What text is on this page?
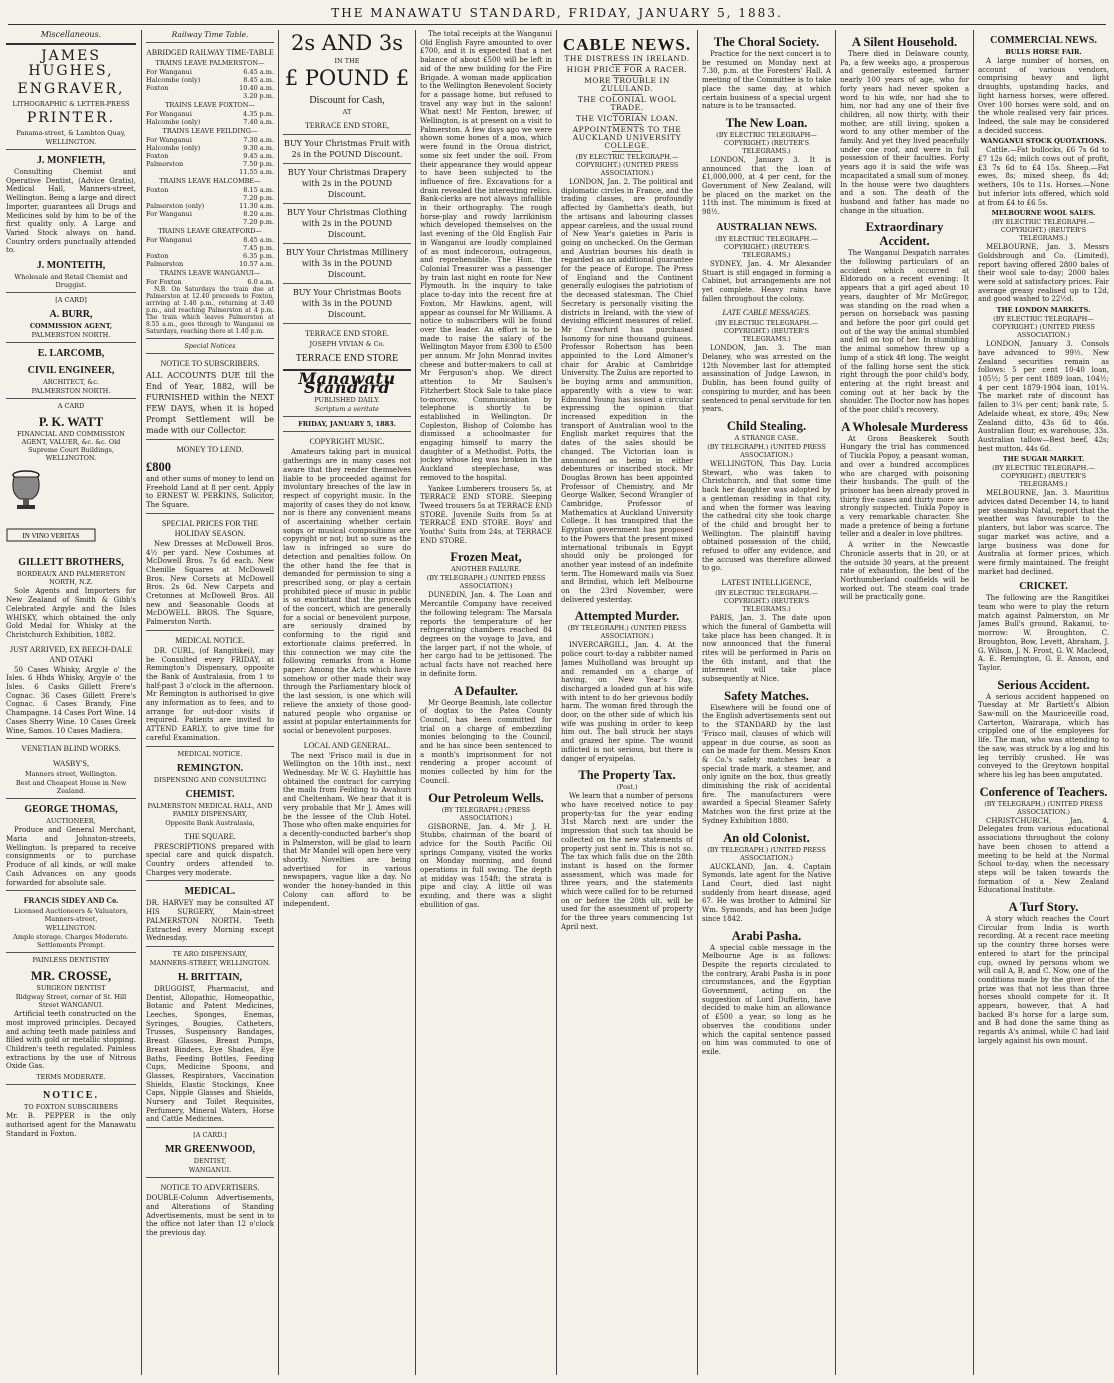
THE MANAWATU STANDARD, FRIDAY, JANUARY 5, 1883.
Miscellaneous.
JAMES HUGHES,
ENGRAVER,
LITHOGRAPHIC & LETTER-PRESS
PRINTER.
Panama-street, & Lambton Quay,
WELLINGTON.
J. MONFIETH,

Consulting Chemist and Operative Dentist, (Advice Gratis), Medical Hall, Manners-street, Wellington. Being a large and direct Importer, guarantees all Drugs and Medicines sold by him to be of the first quality only. A Large and Varied Stock always on hand. Country orders punctually attended to.

J. MONTEITH,
Wholesale and Retail Chemist and Druggist.
[A CARD]
A. BURR,
COMMISSION AGENT,
PALMERSTON NORTH.
E. LARCOMB,
CIVIL ENGINEER,
ARCHITECT, &c.
PALMERSTON NORTH.
A CARD
P. K. WATT
FINANCIAL AND COMMISSION AGENT, VALUER, &c. &c. Old Supreme Court Buildings, WELLINGTON.

IN VINO VERITAS
GILLETT BROTHERS,
BORDEAUX AND PALMERSTON NORTH, N.Z.

Sole Agents and Importers for New Zealand of Smith & Gibb's Celebrated Argyle and the Isles WHISKY, which obtained the only Gold Medal for Whisky at the Christchurch Exhibition, 1882.

JUST ARRIVED, EX BEECH-DALE AND OTAKI

50 Cases Whisky, Argyle o' the Isles. 6 Hhds Whisky, Argyle o' the Isles. 6 Casks Gillett Frere's Cognac. 36 Cases Gillett Frere's Cognac. 6 Cases Brandy, Fine Champagne. 14 Cases Port Wine. 14 Cases Sherry Wine. 10 Cases Greek Wine, Samos. 10 Cases Madiera.

VENETIAN BLIND WORKS.
WASBY'S,
Manners street, Wellington.
Best and Cheapest House in New Zealand.
GEORGE THOMAS,
AUCTIONEER,

Produce and General Merchant, Maria and Johnston-streets, Wellington. Is prepared to receive consignments or to purchase Produce of all kinds, or will make Cash Advances on any goods forwarded for absolute sale.

FRANCIS SIDEY AND Co.
Licensed Auctioneers & Valuators, Manners-street,
WELLINGTON.
Ample storage. Charges Moderate. Settlements Prompt.
PAINLESS DENTISTRY
MR. CROSSE,
SURGEON DENTIST
Ridgway Street, corner of St. Hill Street WANGANUI.

Artificial teeth constructed on the most improved principles. Decayed and aching teeth made painless and filled with gold or metallic stopping. Children's teeth regulated. Painless extractions by the use of Nitrous Oxide Gas.

TERMS MODERATE.
NOTICE.
TO FOXTON SUBSCRIBERS

Mr. B. PEPPER is the only authorised agent for the Manawatu Standard in Foxton.

Railway Time Table.
ABRIDGED RAILWAY TIME-TABLE
TRAINS LEAVE PALMERSTON—
For Wanganui	6.45 a.m.
Halcombe (only)	8.45 a.m.
Foxton	10.40 a.m.
3.20 p.m.
TRAINS LEAVE FOXTON—
For Wanganui	4.35 p.m.
Halcombe (only)	7.40 a.m.
TRAINS LEAVE FEILDING—
For Wanganui	7.30 a.m.
Halcombe (only)	9.30 a.m.
Foxton	9.45 a.m.
Palmerston	7.50 p.m.
11.55 a.m.
TRAINS LEAVE HALCOMBE—
Foxton	8.15 a.m.
7.20 p.m.
Palmerston (only)	11.30 a.m.
For Wanganui	8.20 a.m.
7.20 p.m.
TRAINS LEAVE GREATFORD—
For Wanganui	8.45 a.m.
7.45 p.m.
Foxton	6.35 p.m.
Palmerston	10.57 a.m.
TRAINS LEAVE WANGANUI—
For Foxton	6.0 a.m.

N.B. On Saturdays the train due at Palmerston at 12.40 proceeds to Foxton, arriving at 1.40 p.m., returning at 3.40 p.m., and reaching Palmerston at 4 p.m. The train which leaves Palmerston at 8.55 a.m., goes through to Wanganui on Saturdays, reaching there at 1.40 p.m.

Special Notices
NOTICE TO SUBSCRIBERS.

ALL ACCOUNTS DUE till the End of Year, 1882, will be FURNISHED within the NEXT FEW DAYS, when it is hoped Prompt Settlement will be made with our Collector.

MONEY TO LEND.
£800

and other sums of money to lend on Freehold Land at 8 per cent. Apply to ERNEST W. PERKINS, Solicitor, The Square.

SPECIAL PRICES FOR THE HOLIDAY SEASON.

New Dresses at McDowell Bros. 4½ per yard. New Costumes at McDowell Bros. 7s 6d each. New Chenille Squares at McDowell Bros. New Corsets at McDowell Bros. 2s 6d. New Carpets and Cretonnes at McDowell Bros. All new and Seasonable Goods at McDOWELL BROS. The Square, Palmerston North.

MEDICAL NOTICE.

DR. CURL, (of Rangitikei), may be Consulted every FRIDAY, at Remington's Dispensary, opposite the Bank of Australasia, from 1 to half-past 3 o'clock in the afternoon. Mr Remington is authorised to give any information as to fees, and to arrange for out-door visits if required. Patients are invited to ATTEND EARLY, to give time for careful Examination.

MEDICAL NOTICE.
REMINGTON.
DISPENSING AND CONSULTING
CHEMIST.
PALMERSTON MEDICAL HALL, AND FAMILY DISPENSARY,
Opposite Bank Australasia,
THE SQUARE.

PRESCRIPTIONS prepared with special care and quick dispatch. Country orders attended to. Charges very moderate.

MEDICAL.

DR. HARVEY may be consulted AT HIS SURGERY, Main-street PALMERSTON NORTH. Teeth Extracted every Morning except Wednesday.

TE ARO DISPENSARY,
MANNERS-STREET, WELLINGTON.
H. BRITTAIN,

DRUGGIST, Pharmacist, and Dentist, Allopathic, Homeopathic, Botanic and Patent Medicines, Leeches, Sponges, Enemas, Syringes, Bougies, Catheters, Trusses, Suspensory Bandages, Breast Glasses, Breast Pumps, Breast Binders, Eye Shades, Eye Baths, Feeding Bottles, Feeding Cups, Medicine Spoons, and Glasses, Respirators, Vaccination Shields, Elastic Stockings, Knee Caps, Nipple Glasses and Shields, Nursery and Toilet Requisites, Perfumery, Mineral Waters, Horse and Cattle Medicines.

[A CARD.]
MR GREENWOOD,
DENTIST,
WANGANUI.
NOTICE TO ADVERTISERS.

DOUBLE-Column Advertisements, and Alterations of Standing Advertisements, must be sent in to the office not later than 12 o'clock the previous day.

2s AND 3s
IN THE
£ POUND £
Discount for Cash,
AT
TERRACE END STORE,
BUY Your Christmas Fruit with 2s in the POUND Discount.
BUY Your Christmas Drapery with 2s in the POUND Discount.
BUY Your Christmas Clothing with 2s in the POUND Discount.
BUY Your Christmas Millinery with 3s in the POUND Discount.
BUY Your Christmas Boots with 3s in the POUND Discount.
TERRACE END STORE.
JOSEPH VIVIAN & Co.
TERRACE END STORE
Manawatu Standard
PUBLISHED DAILY.
Scriptum a veritate
FRIDAY, JANUARY 5, 1883.
COPYRIGHT MUSIC.

Amateurs taking part in musical gatherings are in many cases not aware that they render themselves liable to be proceeded against for involuntary breaches of the law in respect of copyright music. In the majority of cases they do not know, nor is there any convenient means of ascertaining whether certain songs or musical compositions are copyright or not; but so sure as the law is infringed so sure do detection and penalties follow. On the other hand the fee that is demanded for permission to sing a prescribed song, or play a certain prohibited piece of music in public is so exorbitant that the proceeds of the concert, which are generally for a social or benevolent purpose, are seriously drained by conforming to the rigid and extortionate claims preferred. In this connection we may cite the following remarks from a Home paper: Among the Acts which have somehow or other made their way through the Parliamentary block of the last session, is one which will relieve the anxiety of those good-natured people who organise or assist at popular entertainments for social or benevolent purposes.

LOCAL AND GENERAL.

The next 'Frisco mail is due in Wellington on the 10th inst., next Wednesday. Mr W. G. Haybittle has obtained the contract for carrying the mails from Feilding to Awahuri and Cheltenham. We hear that it is very probable that Mr J. Ames will be the lessee of the Club Hotel. Those who often make enquiries for a decently-conducted barber's shop in Palmerston, will be glad to learn that Mr Mandel will open here very shortly. Novelties are being advertised for in various newspapers, vague like a day. No wonder the honey-handed in this Colony can afford to be independent.

The total receipts at the Wanganui Old English Fayre amounted to over £700, and it is expected that a net balance of about £500 will be left in aid of the new building for the Fire Brigade. A woman made application to the Wellington Benevolent Society for a passage home, but refused to travel any way but in the saloon! What next! Mr Fenton, brewer, of Wellington, is at present on a visit to Palmerston. A few days ago we were shown some bones of a moa, which were found in the Oroua district, some six feet under the soil. From their appearance they would appear to have been subjected to the influence of fire. Excavations for a drain revealed the interesting relics. Bank-clerks are not always infallible in their orthography. The rough horse-play and rowdy larrikinism which developed themselves on the last evening of the Old English Fair in Wanganui are loudly complained of as most indecorous, outrageous, and reprehensible. The Hon. the Colonial Treasurer was a passenger by train last night en route for New Plymouth. In the inquiry to take place to-day into the recent fire at Foxton, Mr Hawkins, agent, will appear as counsel for Mr Williams. A notice to subscribers will be found over the leader. An effort is to be made to raise the salary of the Wellington Mayor from £300 to £500 per annum. Mr John Monrad invites cheese and butter-makers to call at Mr Ferguson's shop. We direct attention to Mr Saulsen's Fitzherbert Stock Sale to take place to-morrow. Communication by telephone is shortly to be established in Wellington. Dr Copleston, Bishop of Colombo has dismissed a schoolmaster for engaging himself to marry the daughter of a Methodist. Potts, the jockey whose leg was broken in the Auckland steeplechase, was removed to the hospital.

Yankee Lumberers trousers 5s, at TERRACE END STORE. Sleeping Tweed trousers 5s at TERRACE END STORE. Juvenile Suits from 5s at TERRACE END STORE. Boys' and Youths' Suits from 24s, at TERRACE END STORE.

Frozen Meat,
ANOTHER FAILURE.
(BY TELEGRAPH.) (UNITED PRESS ASSOCIATION.)

DUNEDIN, Jan. 4. The Loan and Mercantile Company have received the following telegram: The Marsala reports the temperature of her refrigerating chambers reached 84 degrees on the voyage to Java, and the larger part, if not the whole, of her cargo had to be jettisoned. The actual facts have not reached here in definite form.

A Defaulter.

Mr George Beamish, late collector of dogtax to the Patea County Council, has been committed for trial on a charge of embezzling monies belonging to the Council, and he has since been sentenced to a month's imprisonment for not rendering a proper account of monies collected by him for the Council.

Our Petroleum Wells.
(BY TELEGRAPH.) (PRESS ASSOCIATION.)

GISBORNE, Jan. 4. Mr J. H. Stubbs, chairman of the board of advice for the South Pacific Oil springs Company, visited the works on Monday morning, and found operations in full swing. The depth at midday was 154ft; the strata is pipe and clay. A little oil was exuding, and there was a slight ebullition of gas.

CABLE NEWS.
THE DISTRESS IN IRELAND.
HIGH PRICE FOR A RACER.
MORE TROUBLE IN ZULULAND.
THE COLONIAL WOOL TRADE.
THE VICTORIAN LOAN.
APPOINTMENTS TO THE AUCKLAND UNIVERSITY COLLEGE.
(BY ELECTRIC TELEGRAPH.—COPYRIGHT.) (UNITED PRESS ASSOCIATION.)

LONDON, Jan. 2. The political and diplomatic circles in France, and the trading classes, are profoundly affected by Gambetta's death, but the artisans and labouring classes appear careless, and the usual round of New Year's gaieties in Paris is going on unchecked. On the German and Austrian bourses his death is regarded as an additional guarantee for the peace of Europe. The Press of England and the Continent generally eulogises the patriotism of the deceased statesman. The Chief Secretary is personally visiting the districts in Ireland, with the view of devising efficient measures of relief. Mr Crawfurd has purchased Isonomy for nine thousand guineas. Professor Robertson has been appointed to the Lord Almoner's chair for Arabic at Cambridge University. The Zulus are reported to be buying arms and ammunition, apparently with a view to war. Edmund Young has issued a circular expressing the opinion that increased expedition in the transport of Australian wool to the English market requires that the dates of the sales should be changed. The Victorian loan is announced as being in either debentures or inscribed stock. Mr Douglas Brown has been appointed Professor of Chemistry, and Mr George Walker, Second Wrangler of Cambridge, Professor of Mathematics at Auckland University College. It has transpired that the Egyptian government has proposed to the Powers that the present mixed international tribunals in Egypt should only be prolonged for another year instead of an indefinite term. The Homeward mails via Suez and Brindisi, which left Melbourne on the 23rd November, were delivered yesterday.

Attempted Murder.
(BY TELEGRAPH.) (UNITED PRESS ASSOCIATION.)

INVERCARGILL, Jan. 4. At the police court to-day a rabbiter named James Mulholland was brought up and remanded on a charge of having, on New Year's Day, discharged a loaded gun at his wife with intent to do her grievous bodily harm. The woman fired through the door, on the other side of which his wife was pushing in order to keep him out. The ball struck her stays and grazed her spine. The wound inflicted is not serious, but there is danger of erysipelas.

The Property Tax.
(Post.)

We learn that a number of persons who have received notice to pay property-tax for the year ending 31st March next are under the impression that such tax should be collected on the new statements of property just sent in. This is not so. The tax which falls due on the 28th instant is based on the former assessment, which was made for three years, and the statements which were called for to be returned on or before the 20th ult. will be used for the assessment of property for the three years commencing 1st April next.

The Choral Society.

Practice for the next concert is to be resumed on Monday next at 7.30, p.m. at the Foresters' Hall. A meeting of the Committee is to take place the same day, at which certain business of a special urgent nature is to be transacted.

The New Loan.
(BY ELECTRIC TELEGRAPH—COPYRIGHT.) (REUTER'S TELEGRAMS.)

LONDON, January 3. It is announced that the loan of £1,000,000, at 4 per cent, for the Government of New Zealand, will be placed on the market on the 11th inst. The minimum is fixed at 98½.

AUSTRALIAN NEWS.
(BY ELECTRIC TELEGRAPH.—COPYRIGHT.) (REUTER'S TELEGRAMS.)

SYDNEY, Jan. 4. Mr Alexander Stuart is still engaged in forming a Cabinet, but arrangements are not yet complete. Heavy rains have fallen throughout the colony.

LATE CABLE MESSAGES.
(BY ELECTRIC TELEGRAPH.—COPYRIGHT.) (REUTER'S TELEGRAMS.)

LONDON, Jan. 3. The man Delaney, who was arrested on the 12th November last for attempted assassination of Judge Lawson, in Dublin, has been found guilty of conspiring to murder, and has been sentenced to penal servitude for ten years.

Child Stealing.
A STRANGE CASE.
(BY TELEGRAPH.) (UNITED PRESS ASSOCIATION.)

WELLINGTON, This Day. Lucia Stewart, who was taken to Christchurch, and that some time back her daughter was adopted by a gentleman residing in that city, and when the former was leaving the cathedral city she took charge of the child and brought her to Wellington. The plaintiff having obtained possession of the child, refused to offer any evidence, and the accused was therefore allowed to go.

LATEST INTELLIGENCE,
(BY ELECTRIC TELEGRAPH.—COPYRIGHT.) (REUTER'S TELEGRAMS.)

PARIS, Jan. 3. The date upon which the funeral of Gambetta will take place has been changed. It is now announced that the funeral rites will be performed in Paris on the 6th instant, and that the interment will take place subsequently at Nice.

Safety Matches.

Elsewhere will be found one of the English advertisements sent out to the STANDARD by the last 'Frisco mail, clauses of which will appear in due course, as soon as can be made for them. Messrs Knox & Co.'s safety matches bear a special trade mark, a steamer, and only ignite on the box, thus greatly diminishing the risk of accidental fire. The manufacturers were awarded a Special Steamer Safety Matches won the first prize at the Sydney Exhibition 1880.

An old Colonist.
(BY TELEGRAPH.) (UNITED PRESS ASSOCIATION.)

AUCKLAND, Jan. 4. Captain Symonds, late agent for the Native Land Court, died last night suddenly from heart disease, aged 67. He was brother to Admiral Sir Wm. Symonds, and has been Judge since 1842.

Arabi Pasha.

A special cable message in the Melbourne Age is as follows: Despite the reports circulated to the contrary, Arabi Pasha is in poor circumstances, and the Egyptian Government, acting on the suggestion of Lord Dufferin, have decided to make him an allowance of £500 a year, so long as he observes the conditions under which the capital sentence passed on him was commuted to one of exile.

A Silent Household.

There died in Delaware county, Pa, a few weeks ago, a prosperous and generally esteemed farmer nearly 100 years of age, who for forty years had never spoken a word to his wife, nor had she to him, nor had any one of their five children, all now thirty, with their mother, are still living, spoken a word to any other member of the family. And yet they lived peacefully under one roof, and were in full possession of their faculties. Forty years ago it is said the wife was incapacitated a small sum of money. In the house were two daughters and a son. The death of the husband and father has made no change in the situation.

Extraordinary Accident.

The Wanganui Despatch narrates the following particulars of an accident which occurred at Eldorado on a recent evening: It appears that a girl aged about 10 years, daughter of Mr McGregor, was standing on the road when a person on horseback was passing and before the poor girl could get out of the way the animal stumbled and fell on top of her. In stumbling the animal somehow threw up a lump of a stick 4ft long. The weight of the falling horse sent the stick right through the poor child's body, entering at the right breast and coming out at her back by the shoulder. The Doctor now has hopes of the poor child's recovery.

A Wholesale Murderess

At Gross Beaskerek South Hungary the trial has commenced of Tiuckla Popoy, a peasant woman, and over a hundred accomplices who are charged with poisoning their husbands. The guilt of the prisoner has been already proved in thirty five cases and thirty more are strongly suspected. Tiukla Popoy is a very remarkable character. She made a pretence of being a fortune teller and a dealer in love philtres.

A writer in the Newcastle Chronicle asserts that in 20, or at the outside 30 years, at the present rate of exhaustion, the best of the Northumberland coalfields will be worked out. The steam coal trade will be practically gone.

COMMERCIAL NEWS.
BULLS HORSE FAIR.

A large number of horses, on account of various vendors, comprising heavy and light draughts, upstanding hacks, and light harness horses, were offered. Over 100 horses were sold, and on the whole realised very fair prices. Indeed, the sale may be considered a decided success.

WANGANUI STOCK QUOTATIONS.

Cattle.—Fat bullocks, £6 7s 6d to £7 12s 6d; milch cows out of profit, £3 7s 6d to £4 15s. Sheep.—Fat ewes, 8s; mixed sheep, 8s 4d; wethers, 10s to 11s. Horses.—None but inferior lots offered, which sold at from £4 to £6 5s.

MELBOURNE WOOL SALES.
(BY ELECTRIC TELEGRAPH.—COPYRIGHT.) (REUTER'S TELEGRAMS.)

MELBOURNE, Jan. 3. Messrs Goldsbrough and Co. (Limited), report having offered 2800 bales of their wool sale to-day; 2000 bales were sold at satisfactory prices. Fair average greasy realised up to 12d, and good washed to 22½d.

THE LONDON MARKETS.
(BY ELECTRIC TELEGRAPH—COPYRIGHT.) (UNITED PRESS ASSOCIATION.)

LONDON, January 3. Consols have advanced to 99½. New Zealand securities remain as follows: 5 per cent 10-40 loan, 105½; 5 per cent 1889 loan, 104½; 4 per cent 1879-1904 loan, 101¼. The market rate of discount has fallen to 3¼ per cent; bank rate, 5. Adelaide wheat, ex store, 49s; New Zealand ditto, 43s 6d to 46s. Australian flour, ex warehouse, 33s. Australian tallow—Best beef, 42s; best mutton, 44s 6d.

THE SUGAR MARKET.
(BY ELECTRIC TELEGRAPH.—COPYRIGHT.) (REUTER'S TELEGRAMS.)

MELBOURNE, Jan. 3. Mauritius advices dated December 14, to hand per steamship Natal, report that the weather was favourable to the planters, but labor was scarce. The sugar market was active, and a large business was done for Australia at former prices, which were firmly maintained. The freight market had declined.

CRICKET.

The following are the Rangitikei team who were to play the return match against Palmerston, on Mr James Bull's ground, Rakanui, to-morrow: W. Broughton, C. Broughton, Bow, Levett, Abraham, J. G. Wilson, J. N. Frost, G. W. Macleod, A. E. Remington, G. E. Anson, and Taylor.

Serious Accident.

A serious accident happened on Tuesday at Mr Bartlett's Albion Saw-mill on the Mauriceville road, Carterton, Wairarapa, which has crippled one of the employees for life. The man, who was attending to the saw, was struck by a log and his leg terribly crushed. He was conveyed to the Greytown hospital where his leg has been amputated.

Conference of Teachers.
(BY TELEGRAPH.) (UNITED PRESS ASSOCIATION.)

CHRISTCHURCH, Jan. 4. Delegates from various educational associations throughout the colony have been chosen to attend a meeting to be held at the Normal School to-day, when the necessary steps will be taken towards the formation of a New Zealand Educational Institute.

A Turf Story.

A story which reaches the Court Circular from India is worth recording. At a recent race meeting up the country three horses were entered to start for the principal cup, owned by persons whom we will call A, B, and C. Now, one of the conditions made by the giver of the prize was that not less than three horses should compete for it. It appears, however, that A had backed B's horse for a large sum, and B had done the same thing as regards A's animal, while C had laid largely against his own mount.
